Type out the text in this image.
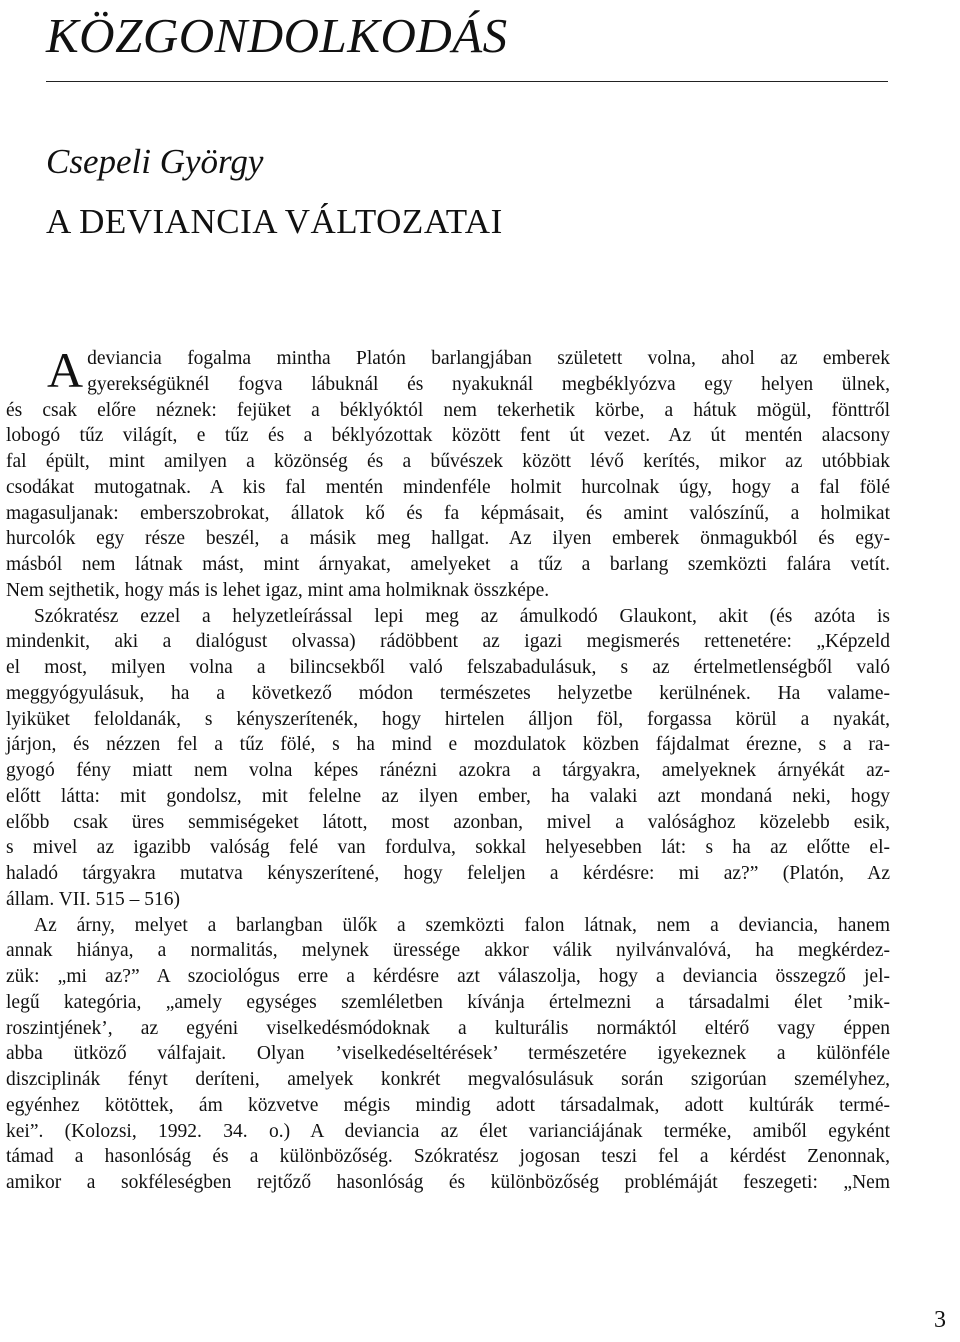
KÖZGONDOLKODÁS
Csepeli György
A DEVIANCIA VÁLTOZATAI
A deviancia fogalma mintha Platón barlangjában született volna, ahol az emberek
gyerekségüknél fogva lábuknál és nyakuknál megbéklyózva egy helyen ülnek,
és csak előre néznek: fejüket a béklyóktól nem tekerhetik körbe, a hátuk mögül, fönttről
lobogó tűz világít, e tűz és a béklyózottak között fent út vezet. Az út mentén alacsony
fal épült, mint amilyen a közönség és a bűvészek között lévő kerítés, mikor az utóbbiak
csodákat mutogatnak. A kis fal mentén mindenféle holmit hurcolnak úgy, hogy a fal fölé
magasuljanak: emberszobrokat, állatok kő és fa képmásait, és amint valószínű, a holmikat
hurcolók egy része beszél, a másik meg hallgat. Az ilyen emberek önmagukból és egy-
másból nem látnak mást, mint árnyakat, amelyeket a tűz a barlang szemközti falára vetít.
Nem sejthetik, hogy más is lehet igaz, mint ama holmiknak összképe.
Szókratész ezzel a helyzetleírással lepi meg az ámulkodó Glaukont, akit (és azóta is
mindenkit, aki a dialógust olvassa) rádöbbent az igazi megismerés rettenetére: „Képzeld
el most, milyen volna a bilincsekből való felszabadulásuk, s az értelmetlenségből való
meggyógyulásuk, ha a következő módon természetes helyzetbe kerülnének. Ha valame-
lyiküket feloldanák, s kényszerítenék, hogy hirtelen álljon föl, forgassa körül a nyakát,
járjon, és nézzen fel a tűz fölé, s ha mind e mozdulatok közben fájdalmat érezne, s a ra-
gyogó fény miatt nem volna képes ránézni azokra a tárgyakra, amelyeknek árnyékát az-
előtt látta: mit gondolsz, mit felelne az ilyen ember, ha valaki azt mondaná neki, hogy
előbb csak üres semmiségeket látott, most azonban, mivel a valósághoz közelebb esik,
s mivel az igazibb valóság felé van fordulva, sokkal helyesebben lát: s ha az előtte el-
haladó tárgyakra mutatva kényszerítené, hogy feleljen a kérdésre: mi az?” (Platón, Az
állam. VII. 515 – 516)
Az árny, melyet a barlangban ülők a szemközti falon látnak, nem a deviancia, hanem
annak hiánya, a normalitás, melynek üressége akkor válik nyilvánvalóvá, ha megkérdez-
zük: „mi az?” A szociológus erre a kérdésre azt válaszolja, hogy a deviancia összegző jel-
legű kategória, „amely egységes szemléletben kívánja értelmezni a társadalmi élet ’mik-
roszintjének’, az egyéni viselkedésmódoknak a kulturális normáktól eltérő vagy éppen
abba ütköző válfajait. Olyan ’viselkedéseltérések’ természetére igyekeznek a különféle
diszciplinák fényt deríteni, amelyek konkrét megvalósulásuk során szigorúan személyhez,
egyénhez kötöttek, ám közvetve mégis mindig adott társadalmak, adott kultúrák termé-
kei”. (Kolozsi, 1992. 34. o.) A deviancia az élet varianciájának terméke, amiből egyként
támad a hasonlóság és a különbözőség. Szókratész jogosan teszi fel a kérdést Zenonnak,
amikor a sokféleségben rejtőző hasonlóság és különbözőség problémáját feszegeti: „Nem
3
